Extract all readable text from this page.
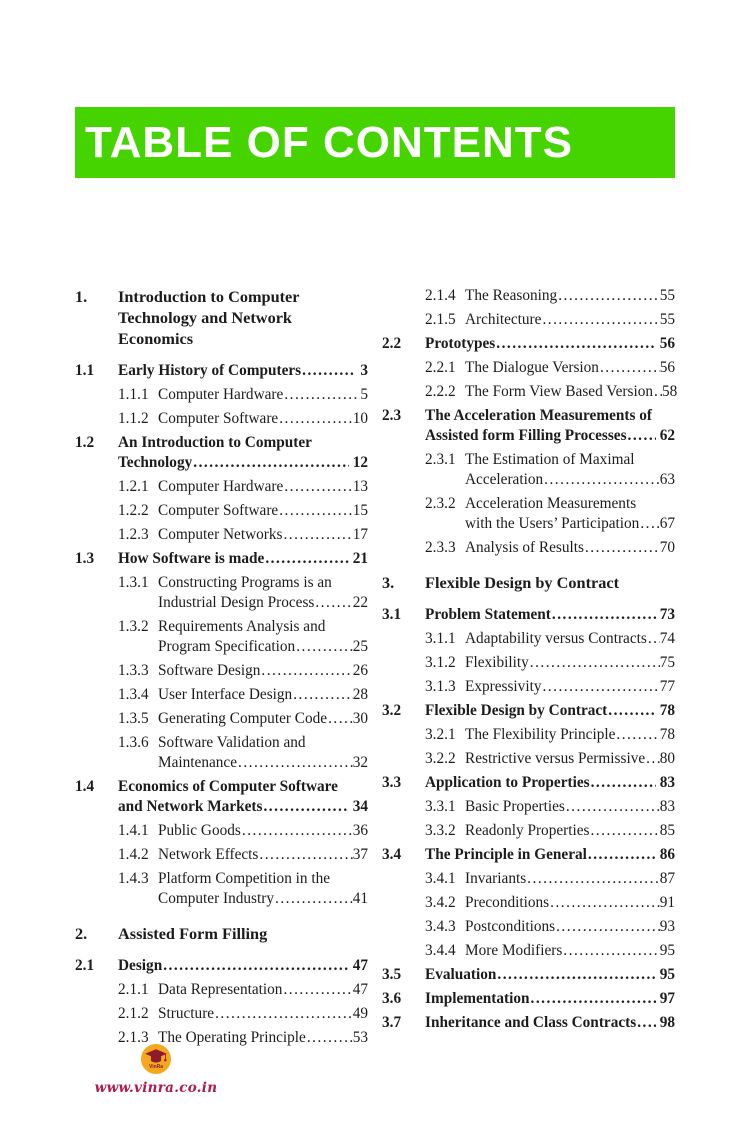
TABLE OF CONTENTS
1.	Introduction to Computer
Technology and Network
Economics
1.1	Early History of Computers .....	3
1.1.1 Computer Hardware .....	5
1.1.2 Computer Software .....	10
1.2	An Introduction to Computer
Technology .....	12
1.2.1 Computer Hardware .....	13
1.2.2 Computer Software .....	15
1.2.3 Computer Networks .....	17
1.3	How Software is made .....	21
1.3.1 Constructing Programs is an
Industrial Design Process .....	22
1.3.2 Requirements Analysis and
Program Specification .....	25
1.3.3 Software Design .....	26
1.3.4 User Interface Design .....	28
1.3.5 Generating Computer Code ..... 30
1.3.6 Software Validation and
Maintenance .....	32
1.4	Economics of Computer Software
and Network Markets .....	34
1.4.1 Public Goods .....	36
1.4.2 Network Effects .....	37
1.4.3 Platform Competition in the
Computer Industry .....	41
2.	Assisted Form Filling
2.1	Design .....	47
2.1.1 Data Representation .....	47
2.1.2 Structure .....	49
2.1.3 The Operating Principle .....	53
2.1.4 The Reasoning .....	55
2.1.5 Architecture .....	55
2.2	Prototypes .....	56
2.2.1 The Dialogue Version .....	56
2.2.2 The Form View Based Version ..... 58
2.3	The Acceleration Measurements of
Assisted form Filling Processes ..... 62
2.3.1 The Estimation of Maximal
Acceleration .....	63
2.3.2 Acceleration Measurements
with the Users’ Participation ..... 67
2.3.3 Analysis of Results .....	70
3.	Flexible Design by Contract
3.1	Problem Statement .....	73
3.1.1 Adaptability versus Contracts ..... 74
3.1.2 Flexibility .....	75
3.1.3 Expressivity .....	77
3.2	Flexible Design by Contract .....	78
3.2.1 The Flexibility Principle .....	78
3.2.2 Restrictive versus Permissive ..... 80
3.3	Application to Properties .....	83
3.3.1 Basic Properties .....	83
3.3.2 Readonly Properties .....	85
3.4	The Principle in General .....	86
3.4.1 Invariants .....	87
3.4.2 Preconditions .....	91
3.4.3 Postconditions .....	93
3.4.4 More Modifiers .....	95
3.5	Evaluation .....	95
3.6	Implementation .....	97
3.7	Inheritance and Class Contracts ..... 98
VinRa
www.vinra.co.in
